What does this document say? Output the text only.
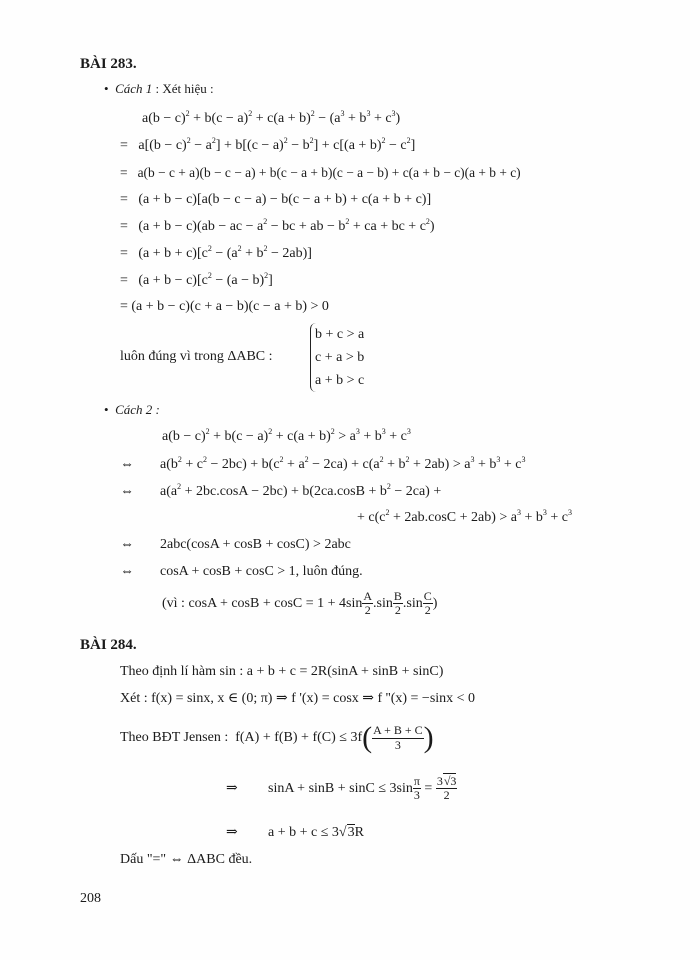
BÀI 283.
• Cách 1 : Xét hiệu :
$a(b - c)^2 + b(c - a)^2 + c(a + b)^2 - (a^3 + b^3 + c^3)$
=   $a[(b - c)^2 - a^2] + b[(c - a)^2 - b^2] + c[(a + b)^2 - c^2]$
=   a(b − c + a)(b − c − a) + b(c − a + b)(c − a − b) + c(a + b − c)(a + b + c)
=   (a + b − c)[a(b − c − a) − b(c − a + b) + c(a + b + c)]
=   (a + b − c)(ab − ac − $a^2$ − bc + ab − $b^2$ + ca + bc + $c^2$)
=   $(a + b + c)[c^2 - (a^2 + b^2 - 2ab)]$
=   $(a + b - c)[c^2 - (a - b)^2]$
= (a + b − c)(c + a − b)(c − a + b) > 0
luôn đúng vì trong ΔABC :
b + c > a
c + a > b
a + b > c
• Cách 2 :
$a(b - c)^2 + b(c - a)^2 + c(a + b)^2 > a^3 + b^3 + c^3$
⇔ $a(b^2 + c^2 - 2bc) + b(c^2 + a^2 - 2ca) + c(a^2 + b^2 + 2ab) > a^3 + b^3 + c^3$
⇔ $a(a^2 + 2bc.\cos A - 2bc) + b(2ca.\cos B + b^2 - 2ca)$ +
+ $c(c^2 + 2ab.\cos C + 2ab) > a^3 + b^3 + c^3$
⇔ 2abc(cosA + cosB + cosC) > 2abc
⇔ cosA + cosB + cosC > 1, luôn đúng.
(vì : $\cos A + \cos B + \cos C = 1 + 4\sin \frac{A}{2} .\sin \frac{B}{2} .\sin \frac{C}{2}$ )
BÀI 284.
Theo định lí hàm sin : a + b + c = 2R(sinA + sinB + sinC)
Xét : f(x) = sinx, x ∈ (0; π) ⇒ f '(x) = cosx ⇒ f ''(x) = −sinx < 0
Theo BĐT Jensen :  $f(A) + f(B) + f(C) \le 3f( \frac{A + B + C}{3}$ )
⇒ $\sin A + \sin B + \sin C \le 3\sin \frac{\pi}{3} = \frac{3√3}{2}$
⇒ a + b + c ≤ 3√3R
Dấu "=" ⇔ ΔABC đều.
208
